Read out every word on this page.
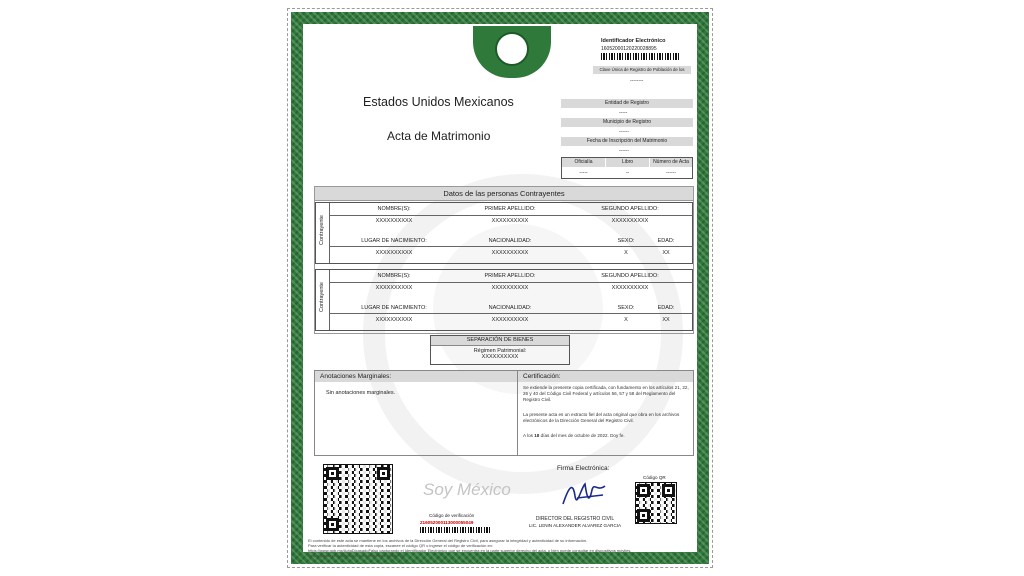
Identificador Electrónico
16052000120220028895
Clave Única de Registro de Población de los
--------
Estados Unidos Mexicanos
Acta de Matrimonio
Entidad de Registro
-----
Municipio de Registro
------
Fecha de Inscripción del Matrimonio
------
Oficialía	Libro	Número de Acta
-----	--	------
Datos de las personas Contrayentes
Contrayente
NOMBRE(S):	PRIMER APELLIDO:	SEGUNDO APELLIDO:
XXXXXXXXXX	XXXXXXXXXX	XXXXXXXXXX
LUGAR DE NACIMIENTO:	NACIONALIDAD:	SEXO:	EDAD:
XXXXXXXXXX	XXXXXXXXXX	X	XX
Contrayente
NOMBRE(S):	PRIMER APELLIDO:	SEGUNDO APELLIDO:
XXXXXXXXXX	XXXXXXXXXX	XXXXXXXXXX
LUGAR DE NACIMIENTO:	NACIONALIDAD:	SEXO:	EDAD:
XXXXXXXXXX	XXXXXXXXXX	X	XX
SEPARACIÓN DE BIENES
Régimen Patrimonial:
XXXXXXXXXX
Anotaciones Marginales:	Certificación:
Sin anotaciones marginales.
Se extiende la presente copia certificada, con fundamento en los artículos 21, 22, 26 y 40 del Código Civil Federal y artículos 56, 57 y 58 del Reglamento del Registro Civil.
La presente acta es un extracto fiel del acta original que obra en los archivos electrónicos de la Dirección General del Registro Civil.
A los 18 días del mes de octubre de 2022. Doy fe.
Soy México
Firma Electrónica:
DIRECTOR DEL REGISTRO CIVIL
LIC. LENIN ALEXANDER ALVAREZ GARCIA
Código QR
Código de verificación
216052000113000055049
El contenido de este acta se mantiene en los archivos de la Dirección General del Registro Civil, para asegurar la integridad y autenticidad de su información.
Para verificar la autenticidad de esta copia, escanee el código QR o ingrese el código de verificación en:
https://www.gob.mx/ActaDicasadoFalso capturando el Identificador Electrónico que se encuentra en la parte superior derecho del acta, o bien puede consultar en dispositivos móviles,
descargando una aplicación para lectura de código QR.
